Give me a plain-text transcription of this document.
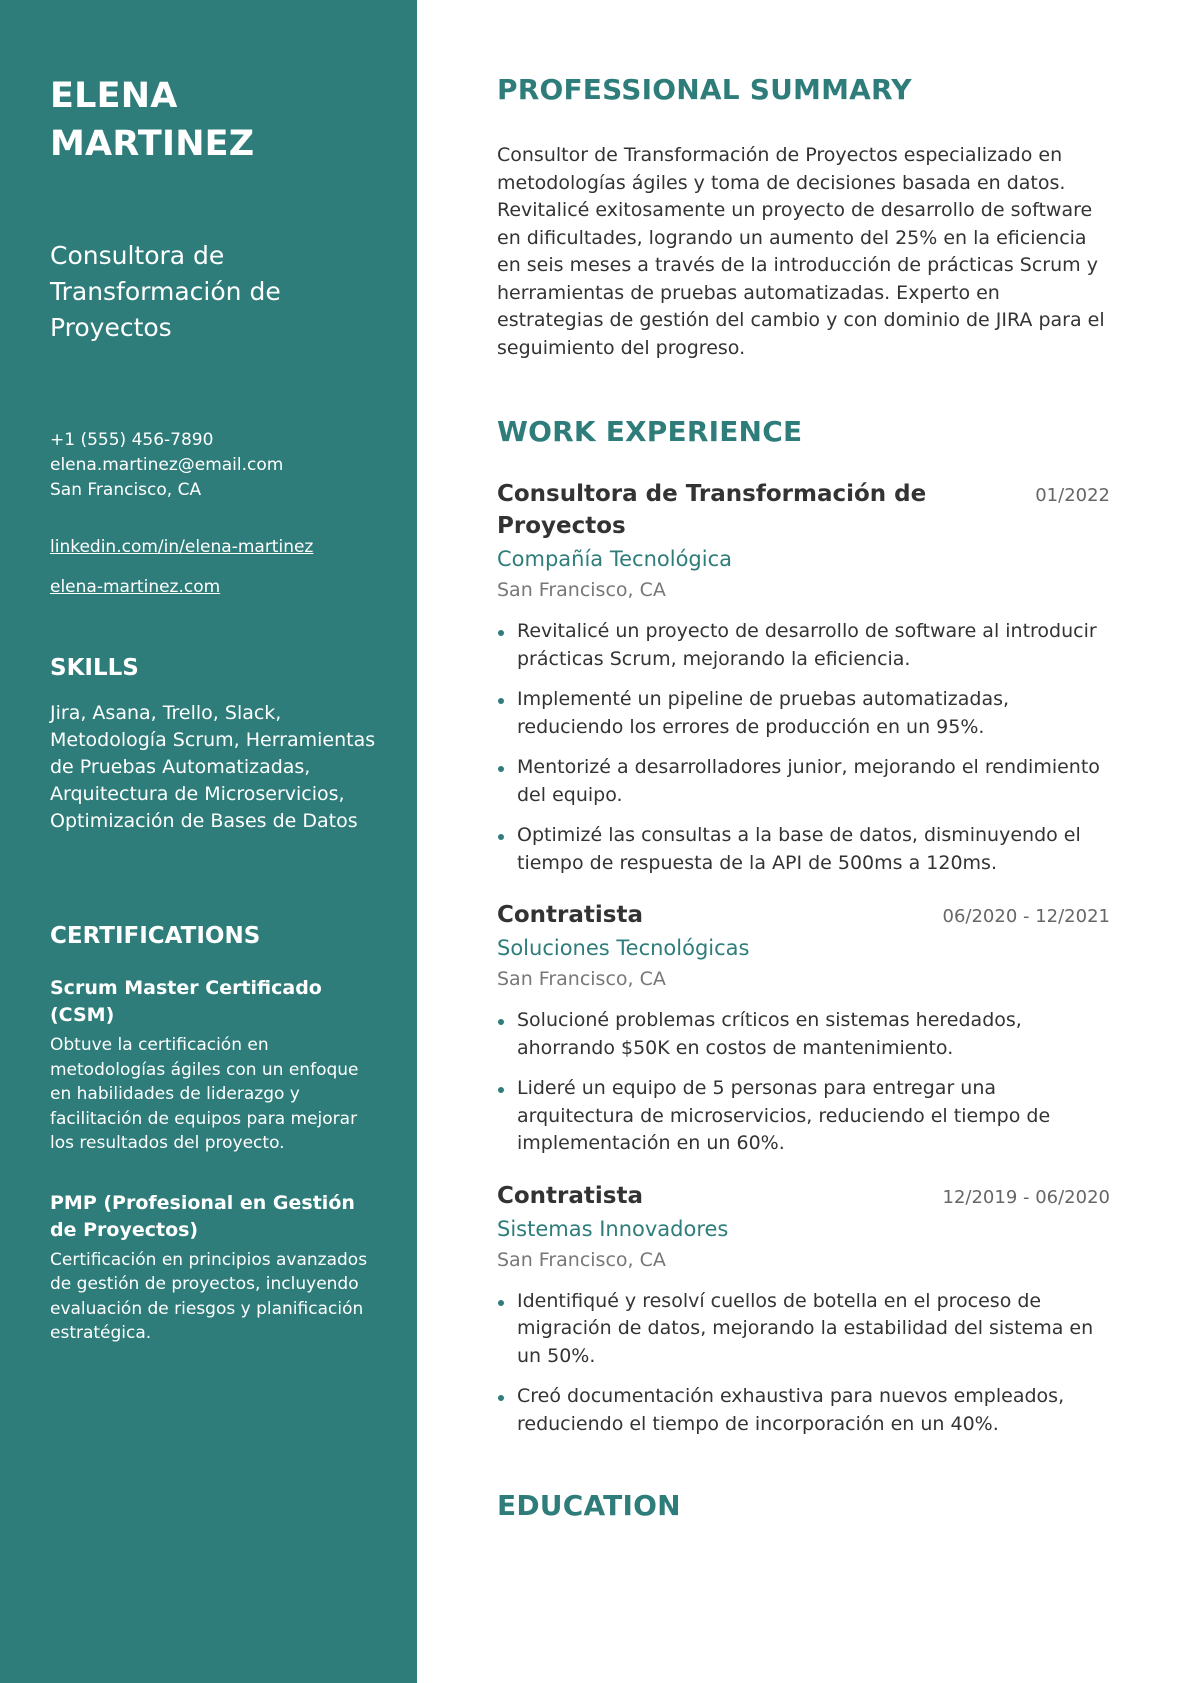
ELENA MARTINEZ
Consultora de Transformación de Proyectos
+1 (555) 456-7890
elena.martinez@email.com
San Francisco, CA
linkedin.com/in/elena-martinez
elena-martinez.com
SKILLS
Jira, Asana, Trello, Slack, Metodología Scrum, Herramientas de Pruebas Automatizadas, Arquitectura de Microservicios, Optimización de Bases de Datos
CERTIFICATIONS
Scrum Master Certificado (CSM)
Obtuve la certificación en metodologías ágiles con un enfoque en habilidades de liderazgo y facilitación de equipos para mejorar los resultados del proyecto.
PMP (Profesional en Gestión de Proyectos)
Certificación en principios avanzados de gestión de proyectos, incluyendo evaluación de riesgos y planificación estratégica.
PROFESSIONAL SUMMARY

Consultor de Transformación de Proyectos especializado en metodologías ágiles y toma de decisiones basada en datos. Revitalicé exitosamente un proyecto de desarrollo de software en dificultades, logrando un aumento del 25% en la eficiencia en seis meses a través de la introducción de prácticas Scrum y herramientas de pruebas automatizadas. Experto en estrategias de gestión del cambio y con dominio de JIRA para el seguimiento del progreso.

WORK EXPERIENCE
Consultora de Transformación de Proyectos
01/2022
Compañía Tecnológica
San Francisco, CA
Revitalicé un proyecto de desarrollo de software al introducir prácticas Scrum, mejorando la eficiencia.
Implementé un pipeline de pruebas automatizadas, reduciendo los errores de producción en un 95%.
Mentorizé a desarrolladores junior, mejorando el rendimiento del equipo.
Optimizé las consultas a la base de datos, disminuyendo el tiempo de respuesta de la API de 500ms a 120ms.
Contratista	06/2020 - 12/2021
Soluciones Tecnológicas
San Francisco, CA
Solucioné problemas críticos en sistemas heredados, ahorrando $50K en costos de mantenimiento.
Lideré un equipo de 5 personas para entregar una arquitectura de microservicios, reduciendo el tiempo de implementación en un 60%.
Contratista	12/2019 - 06/2020
Sistemas Innovadores
San Francisco, CA
Identifiqué y resolví cuellos de botella en el proceso de migración de datos, mejorando la estabilidad del sistema en un 50%.
Creó documentación exhaustiva para nuevos empleados, reduciendo el tiempo de incorporación en un 40%.
EDUCATION
